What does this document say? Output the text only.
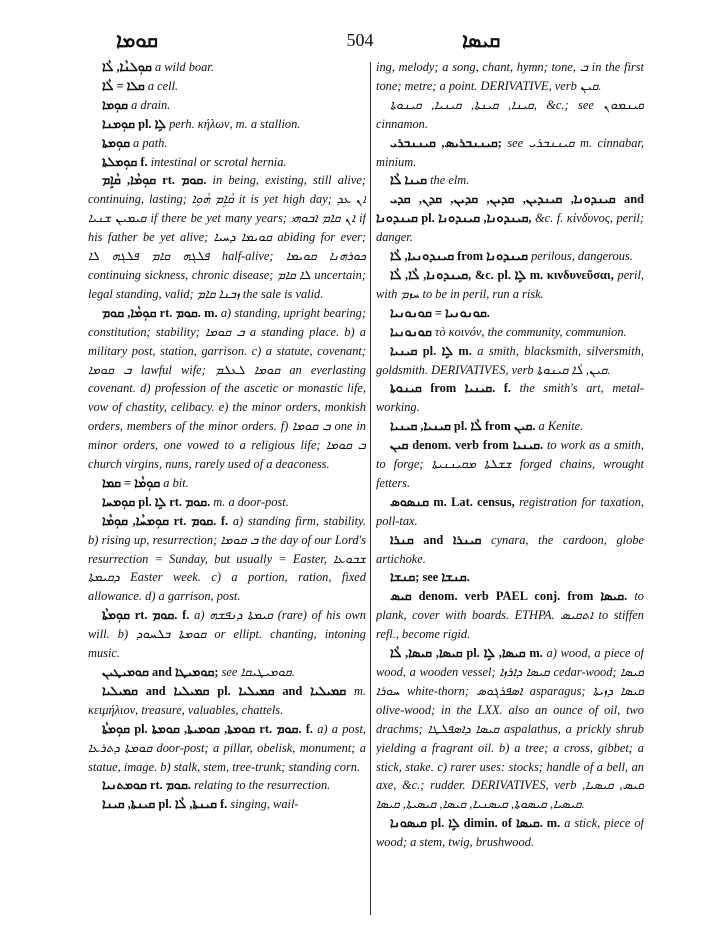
ܩܘܡܐ	504	ܩܝܣܐ

ܩܘܼܠܢܵܐ, ܠܵܐ a wild boar.

ܩܠܐ = ܠܵܐ a cell.

ܩܘܼܡܐ a drain.

ܩܘܼܡܢܐ pl. ܠܹܐ perh. κήλων, m. a stallion.

ܩܘܼܡܬܐ a path.

ܩܘܼܡܠܬܐ f. intestinal or scrotal hernia.

ܩܘܼܡܵܐ, ܩܵܐܹܡ rt. ܩܘܡ. in being, existing, still alive; continuing, lasting; ܩܵܐܹܡ ܗܵܘܹܐ it is yet high day; ܐܢ ܥܕ ܩܝܡܝܢ ܫܢܝܐ if there be yet many years; ܐܢ ܩܐܡ ܐܒܘܗܝ if his father be yet alive; ܩܘܝܡܐ ܕܚܝܐ abiding for ever; ܦܠܓܗ ܩܐܡ ܦܠܓܗ ܠܐ half-alive; ܟܘܪܗܢܐ ܩܘܝܡܐ continuing sickness, chronic disease; ܠܐ ܩܐܡ uncertain; legal standing, valid; ܙܒܢܐ ܩܐܡ the sale is valid.

ܩܘܼܡܵܐ, ܩܘܡ rt. ܩܘܡ. m. a) standing, upright bearing; constitution; stability; ܒ ܩܘܡܐ a standing place. b) a military post, station, garrison. c) a statute, covenant; ܒ ܩܘܡܐ lawful wife; ܩܘܡܐ ܠܥܠܡ an everlasting covenant. d) profession of the ascetic or monastic life, vow of chastity, celibacy. e) the minor orders, monkish orders, members of the minor orders. f) ܒ ܩܘܡܐ one in minor orders, one vowed to a religious life; ܒ ܩܘܡܐ church virgins, nuns, rarely used of a deaconess.

ܩܘܼܡܵܐ = ܩܡܐ a bit.

ܩܘܼܡܚܐ pl. ܠܹܐ rt. ܩܘܡ. m. a door-post.

ܩܘܼܡܚܵܐ, ܩܘܼܡܵܐ rt. ܩܘܡ. f. a) standing firm, stability. b) rising up, resurrection; ܒ ܩܘܡܐ the day of our Lord's resurrection = Sunday, but usually = Easter, ܫܒܘܥܐ ܕܩܝܡܬܐ Easter week. c) a portion, ration, fixed allowance. d) a garrison, post.

ܩܘܼܡܬܵܐ rt. ܩܘܡ. f. a) ܩܝܡܬܐ ܕܢܦܫܗ (rare) of his own will. b) ܩܘܡܬܐ ܒܠܚܘܕ or ellipt. chanting, intoning music.

ܩܘܡܝܛܝܢ and ܩܘܡܝܛܐ; see ܩܘܡܝܛܝܩܐ.

ܩܡܝܠܝܐ and ܩܡܝܠܝܐ pl. ܩܡܝܠܝܐ and ܩܡܝܠܝܐ m. κειμήλιον, treasure, valuables, chattels.

ܩܘܼܡܬܵܐ pl. ܩܘܡܬܐ, ܩܘܡܝܬܐ, ܩܘܡܬܐ rt. ܩܘܡ. f. a) a post, ܩܘܡܬܐ ܕܬܪܥܐ door-post; a pillar, obelisk, monument; a statue, image. b) stalk, stem, tree-trunk; standing corn.

ܩܘܡܬܢܝܐ rt. ܩܘܡ. relating to the resurrection.

ܩܝܢܬܐ, ܩܝܢܐ pl. ܩܝܢܬܐ, ܠܵܐ f. singing, wail-

ing, melody; a song, chant, hymn; tone, ܒ in the first tone; metre; a point. DERIVATIVE, verb ܩܝܢ.

ܩܝܢܐ, ܩܝܢܬܐ, ܩܝܢܝܐ, ܩܝܢܘܬܐ, &c.; see ܩܝܢܡܘܢ cinnamon.

ܩܝܢܢܒܪܝܣ, ܩܝܢܢܒܪܝ; see ܩܝܢܢܒܪܝ m. cinnabar, minium.

ܩܝܢܐ ܠܵܐ the elm.

ܩܝܢܕܘܢܐ, ܩܝܢܕܝܢ, ܩܕܝܢ, ܩܕܝܢ, ܩܕܢ, ܩܕܝ and ܩܝܢܕܘܢܐ pl. ܩܝܢܕܘܢܐ, ܩܝܢܕܘܢܐ, &c. f. κίνδυνος, peril; danger.

ܩܝܢܕܘܢܝܐ, ܠܵܐ from ܩܝܢܕܘܢܐ perilous, dangerous.

ܩܝܢܕܘܢܐ, ܠܵܐ, ܠܵܐ, &c. pl. ܠܹܐ m. κινδυνεῦσαι, peril, with ܚܙܡ to be in peril, run a risk.

ܩܘܢܘܢܝܐ = ܩܘܢܘܢܝܐ.

ܩܘܢܘܢܝܐ τὸ κοινόν, the community, communion.

ܩܝܢܝܐ pl. ܠܹܐ m. a smith, blacksmith, silversmith, goldsmith. DERIVATIVES, verb ܩܝܢ, ܠܵܐ ܩܝܢܘܬܐ.

ܩܝܢܘܬܐ from ܩܝܢܝܐ. f. the smith's art, metal-working.

ܩܝܢܝܐ, ܩܝܢܝܐ pl. ܠܵܐ from ܩܝܢ. a Kenite.

ܩܝܢ denom. verb from ܩܝܢܝܐ. to work as a smith, to forge; ܫܫܠܬܐ ܡܩܝܢܢܝܬܐ forged chains, wrought fetters.

ܩܢܣܘܣ m. Lat. census, registration for taxation, poll-tax.

ܩܢܪܐ and ܩܝܢܪܐ cynara, the cardoon, globe artichoke.

ܩܢܫܐ; see ܩܢܫܐ.

ܩܝܣ denom. verb PAEL conj. from ܩܝܣܐ. to plank, cover with boards. ETHPA. ܐܬܩܝܣ to stiffen refl., become rigid.

ܩܝܣܐ, ܩܝܣܐ, ܠܵܐ pl. ܩܝܣܐ, ܠܹܐ m. a) wood, a piece of wood, a wooden vessel; ܩܝܣܐ ܕܐܪܙܐ cedar-wood; ܩܝܣܐ ܚܘܪܐ white-thorn; ܐܣܦܪܓܘܣ asparagus; ܩܝܣܐ ܕܙܝܬܐ olive-wood; in the LXX. also an ounce of oil, two drachms; ܩܝܣܐ ܕܐܣܦܠܛܐ aspalathus, a prickly shrub yielding a fragrant oil. b) a tree; a cross, gibbet; a stick, stake. c) rarer uses: stocks; handle of a bell, an axe, &c.; rudder. DERIVATIVES, verb ܩܝܣ, ܩܝܣܝܐ, ܩܝܣܝܐ, ܩܝܣܘܬܐ, ܩܝܣܢܝܐ, ܩܝܣܐ, ܩܝܣܝܬܐ, ܩܝܣܐ.

ܩܝܣܘܢܐ pl. ܠܹܐ dimin. of ܩܝܣܐ. m. a stick, piece of wood; a stem, twig, brushwood.
